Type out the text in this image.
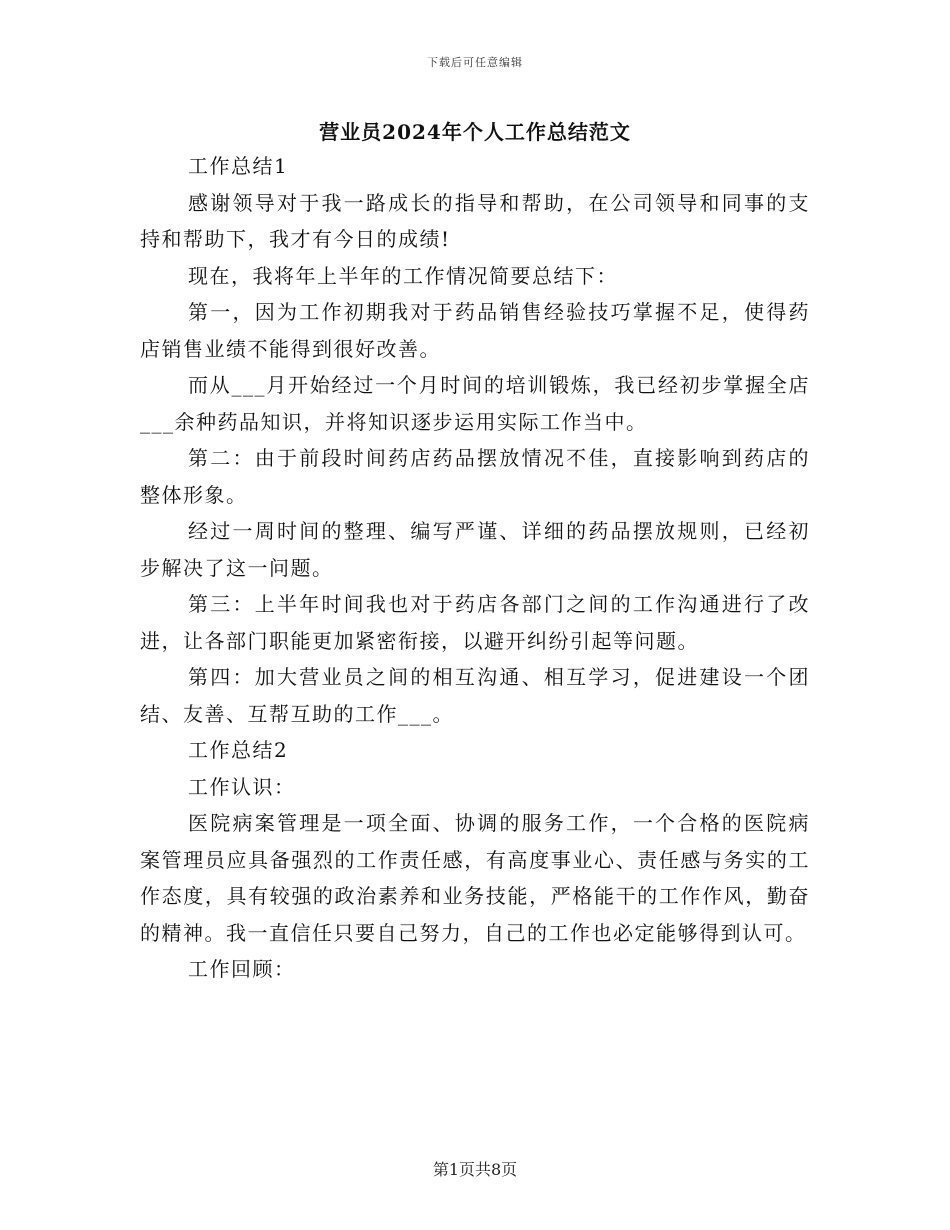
下载后可任意编辑
营业员2024年个人工作总结范文

工作总结1

感谢领导对于我一路成长的指导和帮助，在公司领导和同事的支持和帮助下，我才有今日的成绩!

现在，我将年上半年的工作情况简要总结下：

第一，因为工作初期我对于药品销售经验技巧掌握不足，使得药店销售业绩不能得到很好改善。

而从___月开始经过一个月时间的培训锻炼，我已经初步掌握全店___余种药品知识，并将知识逐步运用实际工作当中。

第二：由于前段时间药店药品摆放情况不佳，直接影响到药店的整体形象。

经过一周时间的整理、编写严谨、详细的药品摆放规则，已经初步解决了这一问题。

第三：上半年时间我也对于药店各部门之间的工作沟通进行了改进，让各部门职能更加紧密衔接，以避开纠纷引起等问题。

第四：加大营业员之间的相互沟通、相互学习，促进建设一个团结、友善、互帮互助的工作___。

工作总结2

工作认识：

医院病案管理是一项全面、协调的服务工作，一个合格的医院病案管理员应具备强烈的工作责任感，有高度事业心、责任感与务实的工作态度，具有较强的政治素养和业务技能，严格能干的工作作风，勤奋的精神。我一直信任只要自己努力，自己的工作也必定能够得到认可。

工作回顾：

第1页共8页
